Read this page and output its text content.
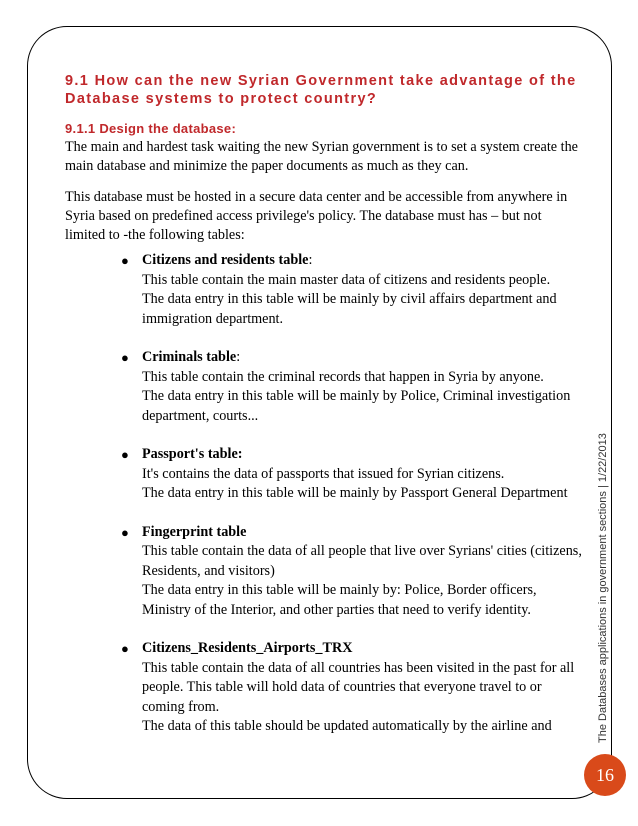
9.1 How can the new Syrian Government take advantage of the Database systems to protect country?
9.1.1 Design the database:

The main and hardest task waiting the new Syrian government is to set a system create the main database and minimize the paper documents as much as they can.

This database must be hosted in a secure data center and be accessible from anywhere in Syria based on predefined access privilege's policy. The database must has – but not limited to -the following tables:

● Citizens and residents table:
This table contain the main master data of citizens and residents people.
The data entry in this table will be mainly by civil affairs department and immigration department.
● Criminals table:
This table contain the criminal records that happen in Syria by anyone.
The data entry in this table will be mainly by Police, Criminal investigation department, courts...
● Passport's table:
It's contains the data of passports that issued for Syrian citizens.
The data entry in this table will be mainly by Passport General Department
● Fingerprint table
This table contain the data of all people that live over Syrians' cities (citizens, Residents, and visitors)
The data entry in this table will be mainly by: Police, Border officers, Ministry of the Interior, and other parties that need to verify identity.
● Citizens_Residents_Airports_TRX
This table contain the data of all countries has been visited in the past for all people. This table will hold data of countries that everyone travel to or coming from.
The data of this table should be updated automatically by the airline and	The Databases applications in government sections | 1/22/2013
16
